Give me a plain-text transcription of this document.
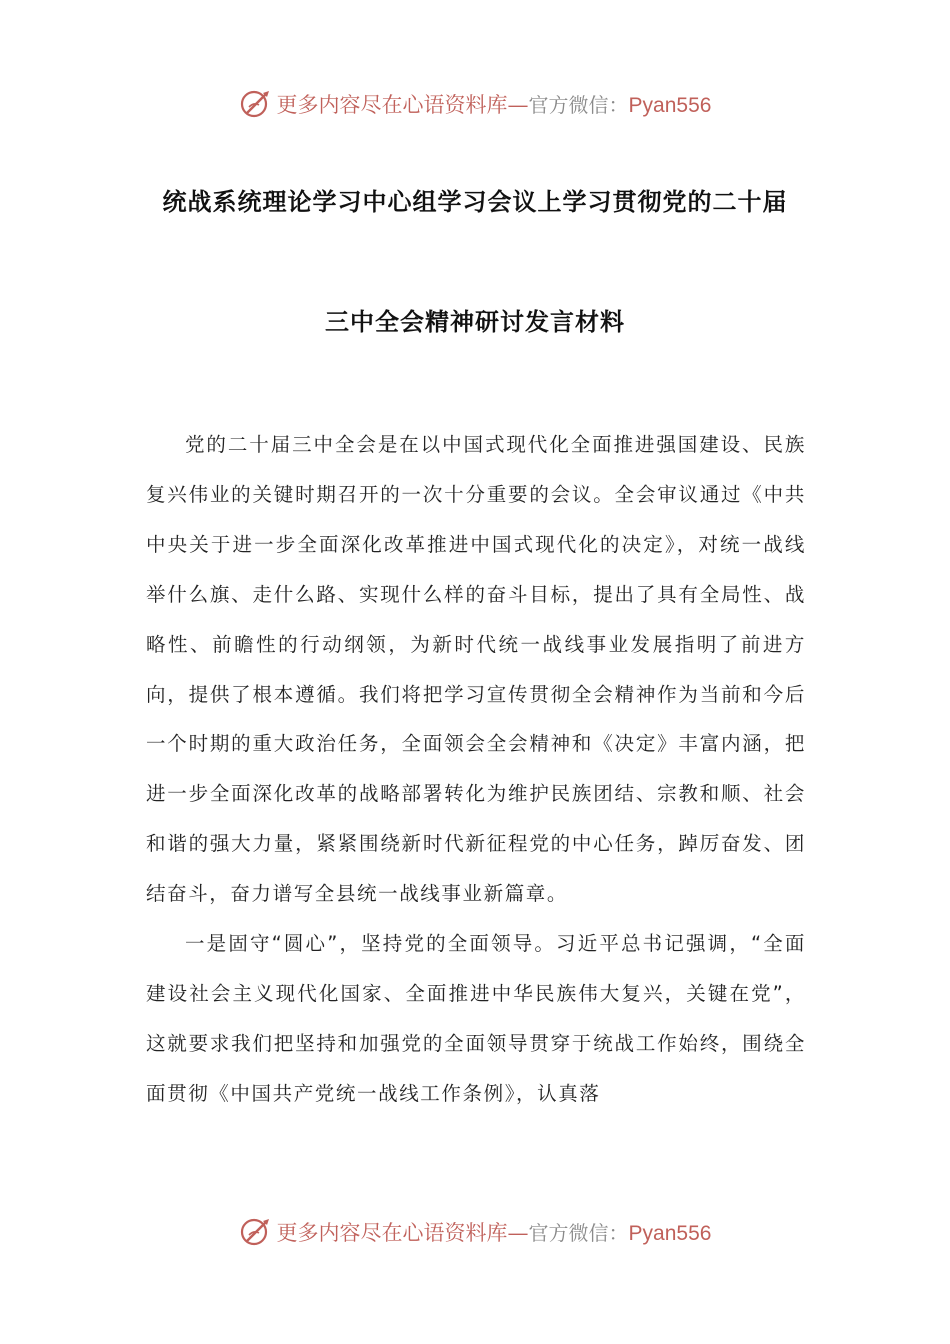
更多内容尽在心语资料库—官方微信：Pyan556
统战系统理论学习中心组学习会议上学习贯彻党的二十届
三中全会精神研讨发言材料

党的二十届三中全会是在以中国式现代化全面推进强国建设、民族复兴伟业的关键时期召开的一次十分重要的会议。全会审议通过《中共中央关于进一步全面深化改革推进中国式现代化的决定》，对统一战线举什么旗、走什么路、实现什么样的奋斗目标，提出了具有全局性、战略性、前瞻性的行动纲领，为新时代统一战线事业发展指明了前进方向，提供了根本遵循。我们将把学习宣传贯彻全会精神作为当前和今后一个时期的重大政治任务，全面领会全会精神和《决定》丰富内涵，把进一步全面深化改革的战略部署转化为维护民族团结、宗教和顺、社会和谐的强大力量，紧紧围绕新时代新征程党的中心任务，踔厉奋发、团结奋斗，奋力谱写全县统一战线事业新篇章。

一是固守“圆心”，坚持党的全面领导。习近平总书记强调，“全面建设社会主义现代化国家、全面推进中华民族伟大复兴，关键在党”，这就要求我们把坚持和加强党的全面领导贯穿于统战工作始终，围绕全面贯彻《中国共产党统一战线工作条例》，认真落

更多内容尽在心语资料库—官方微信：Pyan556
